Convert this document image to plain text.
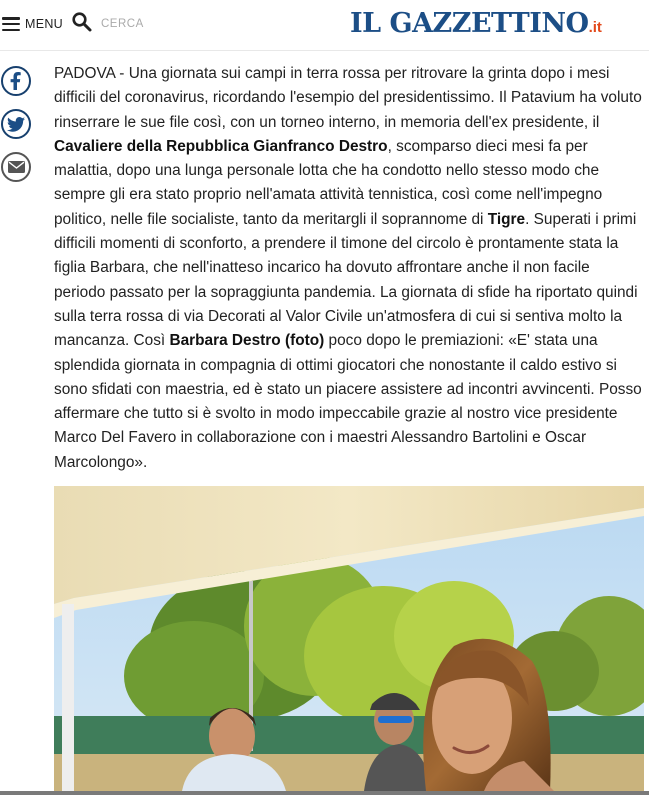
MENU
CERCA	IL GAZZETTINO.it
PADOVA - Una giornata sui campi in terra rossa per ritrovare la grinta dopo i mesi difficili del coronavirus, ricordando l'esempio del presidentissimo. Il Patavium ha voluto rinserrare le sue file così, con un torneo interno, in memoria dell'ex presidente, il Cavaliere della Repubblica Gianfranco Destro, scomparso dieci mesi fa per malattia, dopo una lunga personale lotta che ha condotto nello stesso modo che sempre gli era stato proprio nell'amata attività tennistica, così come nell'impegno politico, nelle file socialiste, tanto da meritargli il soprannome di Tigre. Superati i primi difficili momenti di sconforto, a prendere il timone del circolo è prontamente stata la figlia Barbara, che nell'inatteso incarico ha dovuto affrontare anche il non facile periodo passato per la sopraggiunta pandemia. La giornata di sfide ha riportato quindi sulla terra rossa di via Decorati al Valor Civile un'atmosfera di cui si sentiva molto la mancanza. Così Barbara Destro (foto) poco dopo le premiazioni: «E' stata una splendida giornata in compagnia di ottimi giocatori che nonostante il caldo estivo si sono sfidati con maestria, ed è stato un piacere assistere ad incontri avvincenti. Posso affermare che tutto si è svolto in modo impeccabile grazie al nostro vice presidente Marco Del Favero in collaborazione con i maestri Alessandro Bartolini e Oscar Marcolongo».
